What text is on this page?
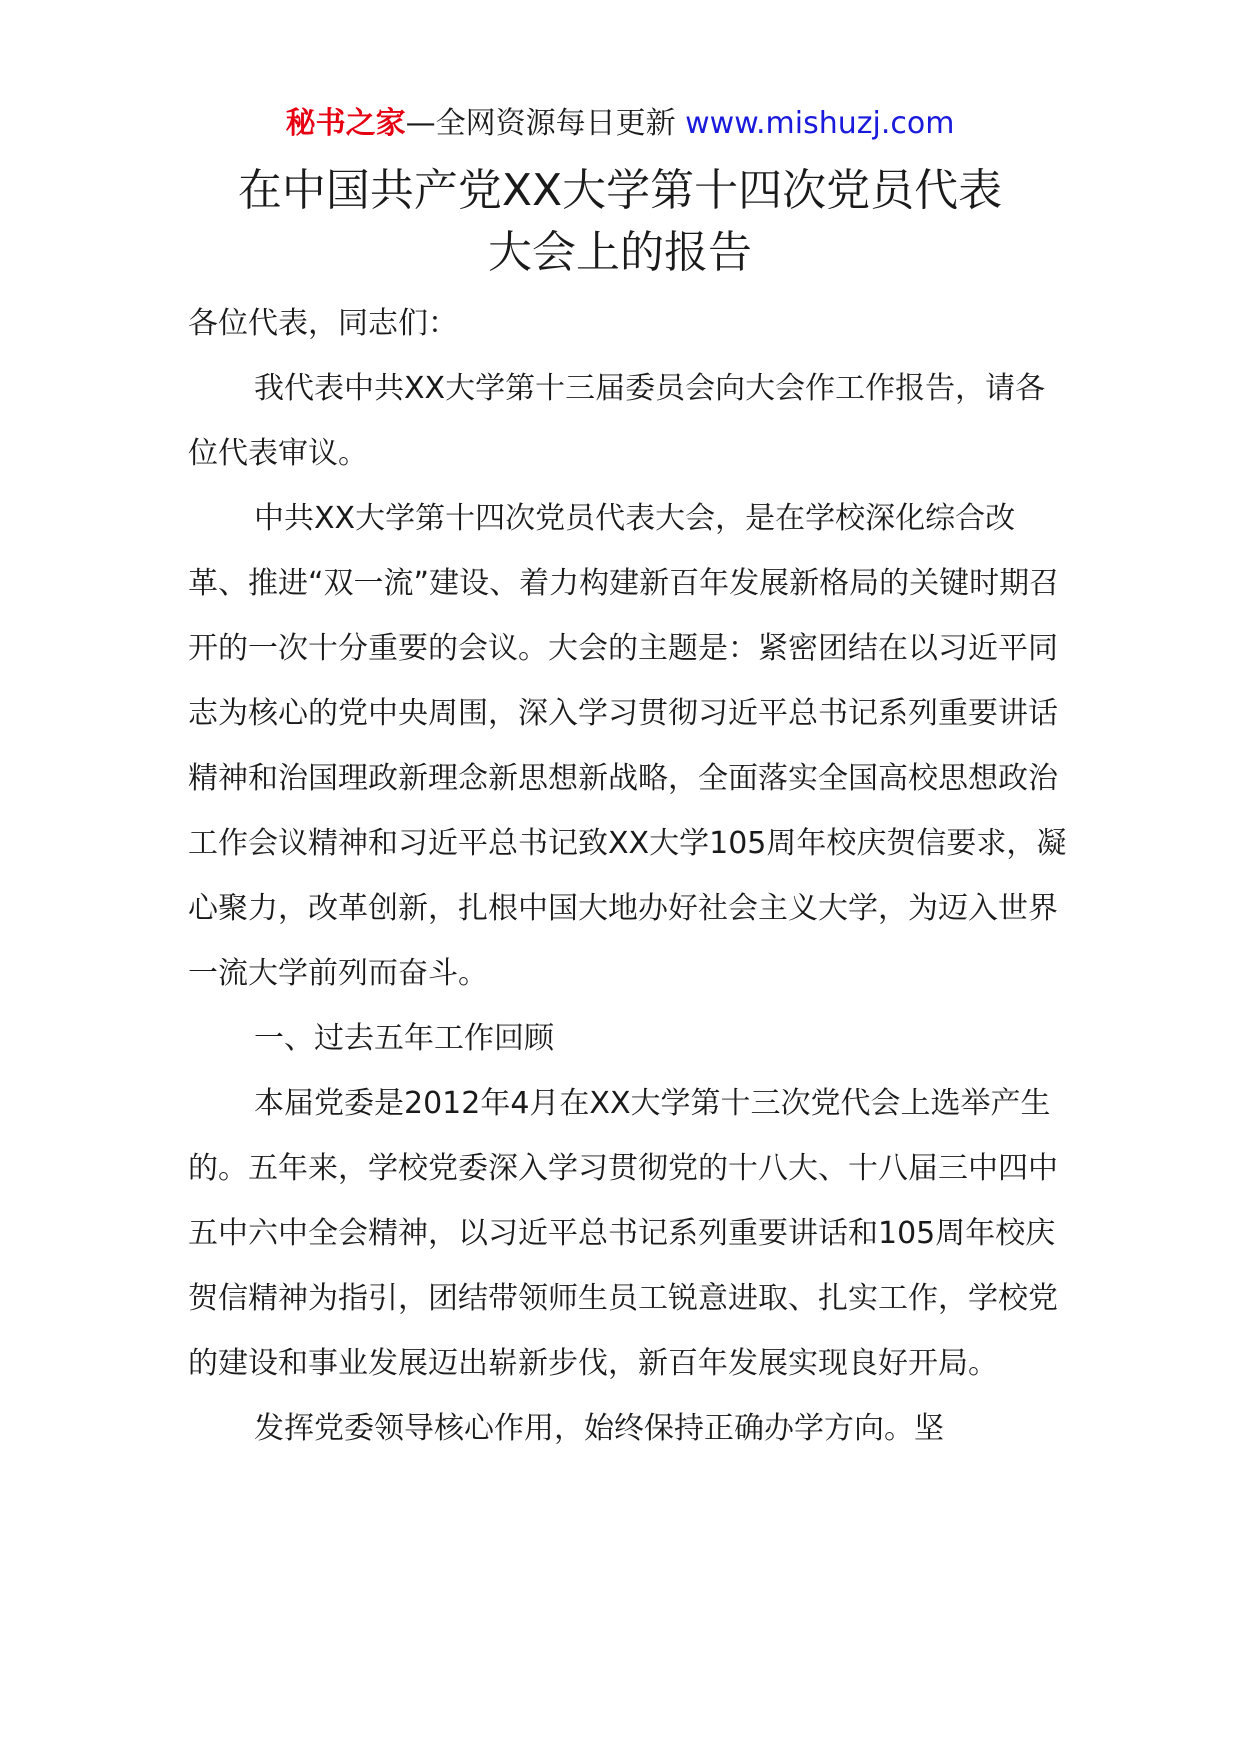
秘书之家—全网资源每日更新 www.mishuzj.com
在中国共产党XX大学第十四次党员代表
大会上的报告

各位代表，同志们：

我代表中共XX大学第十三届委员会向大会作工作报告，请各位代表审议。

中共XX大学第十四次党员代表大会，是在学校深化综合改革、推进“双一流”建设、着力构建新百年发展新格局的关键时期召开的一次十分重要的会议。大会的主题是：紧密团结在以习近平同志为核心的党中央周围，深入学习贯彻习近平总书记系列重要讲话精神和治国理政新理念新思想新战略，全面落实全国高校思想政治工作会议精神和习近平总书记致XX大学105周年校庆贺信要求，凝心聚力，改革创新，扎根中国大地办好社会主义大学，为迈入世界一流大学前列而奋斗。

一、过去五年工作回顾

本届党委是2012年4月在XX大学第十三次党代会上选举产生的。五年来，学校党委深入学习贯彻党的十八大、十八届三中四中五中六中全会精神，以习近平总书记系列重要讲话和105周年校庆贺信精神为指引，团结带领师生员工锐意进取、扎实工作，学校党的建设和事业发展迈出崭新步伐，新百年发展实现良好开局。

发挥党委领导核心作用，始终保持正确办学方向。坚
